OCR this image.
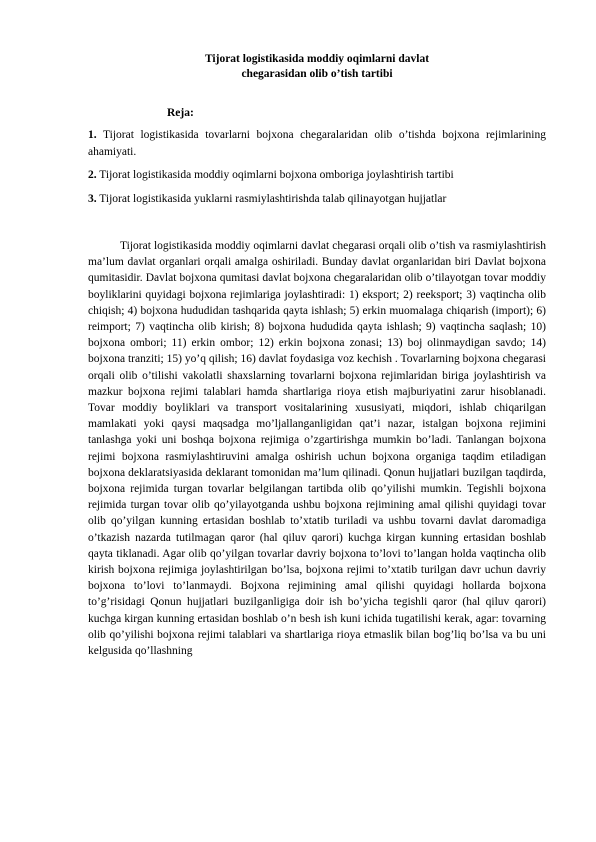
Tijorat logistikasida moddiy oqimlarni davlat
chegarasidan olib o’tish tartibi

Reja:

1. Tijorat logistikasida tovarlarni bojxona chegaralaridan olib o’tishda bojxona rejimlarining ahamiyati.

2. Tijorat logistikasida moddiy oqimlarni bojxona omboriga joylashtirish tartibi

3. Tijorat logistikasida yuklarni rasmiylashtirishda talab qilinayotgan hujjatlar

Tijorat logistikasida moddiy oqimlarni davlat chegarasi orqali olib o’tish va rasmiylashtirish ma’lum davlat organlari orqali amalga oshiriladi. Bunday davlat organlaridan biri Davlat bojxona qumitasidir. Davlat bojxona qumitasi davlat bojxona chegaralaridan olib o’tilayotgan tovar moddiy boyliklarini quyidagi bojxona rejimlariga joylashtiradi: 1) eksport; 2) reeksport; 3) vaqtincha olib chiqish; 4) bojxona hududidan tashqarida qayta ishlash; 5) erkin muomalaga chiqarish (import); 6) reimport; 7) vaqtincha olib kirish; 8) bojxona hududida qayta ishlash; 9) vaqtincha saqlash; 10) bojxona ombori; 11) erkin ombor; 12) erkin bojxona zonasi; 13) boj olinmaydigan savdo; 14) bojxona tranziti; 15) yo’q qilish; 16) davlat foydasiga voz kechish . Tovarlarning bojxona chegarasi orqali olib o’tilishi vakolatli shaxslarning tovarlarni bojxona rejimlaridan biriga joylashtirish va mazkur bojxona rejimi talablari hamda shartlariga rioya etish majburiyatini zarur hisoblanadi. Tovar moddiy boyliklari va transport vositalarining xususiyati, miqdori, ishlab chiqarilgan mamlakati yoki qaysi maqsadga mo’ljallanganligidan qat’i nazar, istalgan bojxona rejimini tanlashga yoki uni boshqa bojxona rejimiga o’zgartirishga mumkin bo’ladi. Tanlangan bojxona rejimi bojxona rasmiylashtiruvini amalga oshirish uchun bojxona organiga taqdim etiladigan bojxona deklaratsiyasida deklarant tomonidan ma’lum qilinadi. Qonun hujjatlari buzilgan taqdirda, bojxona rejimida turgan tovarlar belgilangan tartibda olib qo’yilishi mumkin. Tegishli bojxona rejimida turgan tovar olib qo’yilayotganda ushbu bojxona rejimining amal qilishi quyidagi tovar olib qo’yilgan kunning ertasidan boshlab to’xtatib turiladi va ushbu tovarni davlat daromadiga o’tkazish nazarda tutilmagan qaror (hal qiluv qarori) kuchga kirgan kunning ertasidan boshlab qayta tiklanadi. Agar olib qo’yilgan tovarlar davriy bojxona to’lovi to’langan holda vaqtincha olib kirish bojxona rejimiga joylashtirilgan bo’lsa, bojxona rejimi to’xtatib turilgan davr uchun davriy bojxona to’lovi to’lanmaydi. Bojxona rejimining amal qilishi quyidagi hollarda bojxona to’g’risidagi Qonun hujjatlari buzilganligiga doir ish bo’yicha tegishli qaror (hal qiluv qarori) kuchga kirgan kunning ertasidan boshlab o’n besh ish kuni ichida tugatilishi kerak, agar: tovarning olib qo’yilishi bojxona rejimi talablari va shartlariga rioya etmaslik bilan bog’liq bo’lsa va bu uni kelgusida qo’llashning
